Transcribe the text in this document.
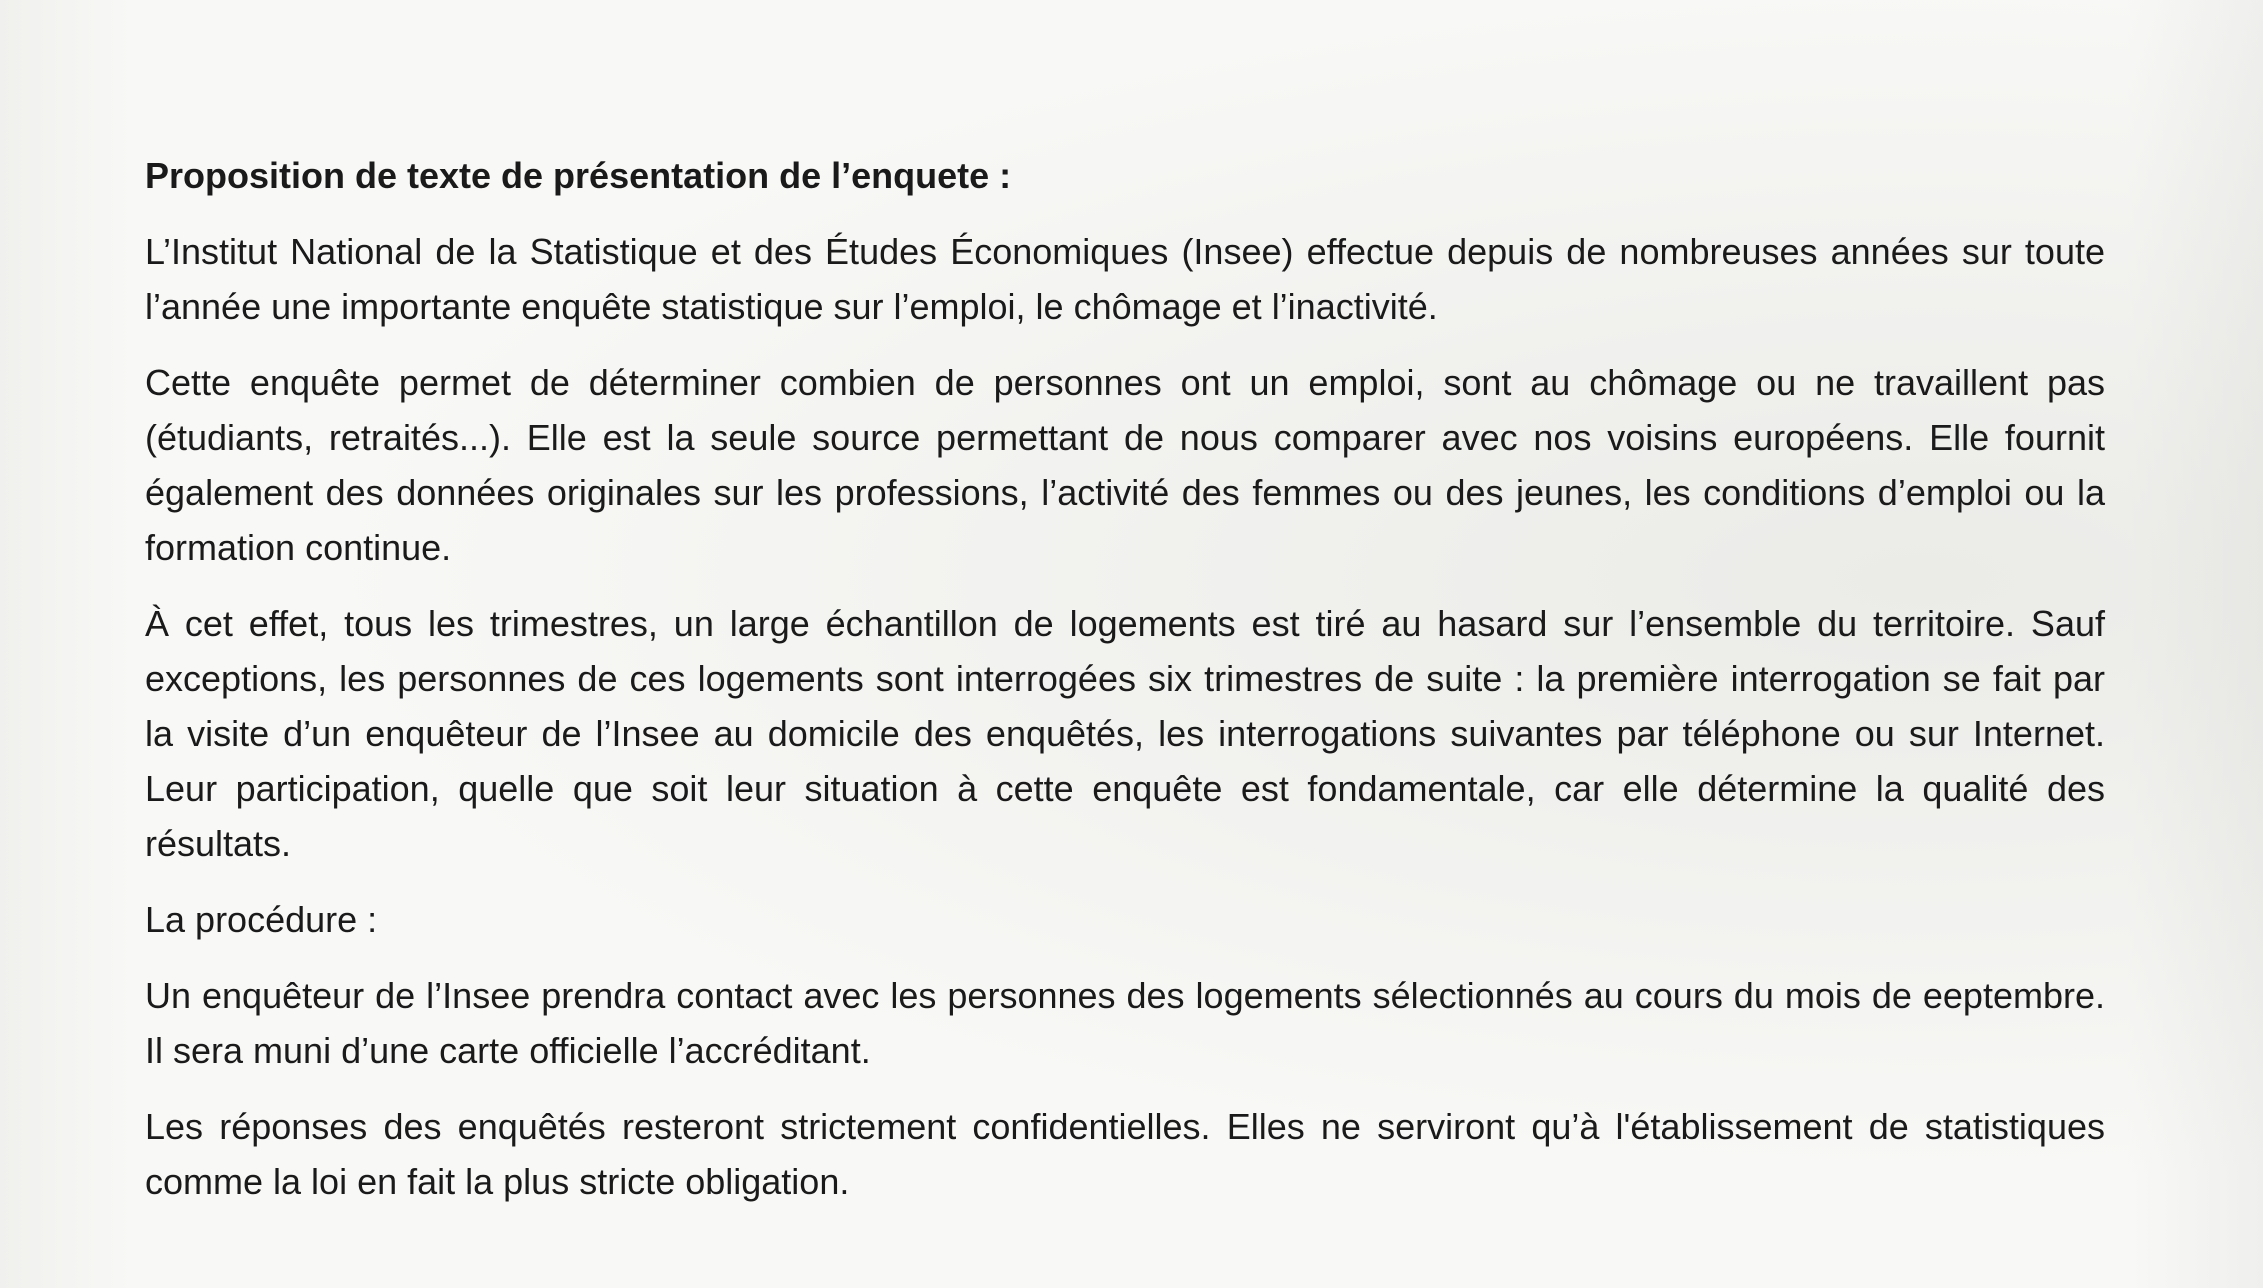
Proposition de texte de présentation de l’enquete :

L’Institut National de la Statistique et des Études Économiques (Insee) effectue depuis de nombreuses années sur toute l’année une importante enquête statistique sur l’emploi, le chômage et l’inactivité.

Cette enquête permet de déterminer combien de personnes ont un emploi, sont au chômage ou ne travaillent pas (étudiants, retraités...). Elle est la seule source permettant de nous comparer avec nos voisins européens. Elle fournit également des données originales sur les professions, l’activité des femmes ou des jeunes, les conditions d’emploi ou la formation continue.

À cet effet, tous les trimestres, un large échantillon de logements est tiré au hasard sur l’ensemble du territoire. Sauf exceptions, les personnes de ces logements sont interrogées six trimestres de suite : la première interrogation se fait par la visite d’un enquêteur de l’Insee au domicile des enquêtés, les interrogations suivantes par téléphone ou sur Internet. Leur participation, quelle que soit leur situation à cette enquête est fondamentale, car elle détermine la qualité des résultats.

La procédure :

Un enquêteur de l’Insee prendra contact avec les personnes des logements sélectionnés au cours du mois de eeptembre. Il sera muni d’une carte officielle l’accréditant.

Les réponses des enquêtés resteront strictement confidentielles. Elles ne serviront qu’à l'établissement de statistiques comme la loi en fait la plus stricte obligation.
